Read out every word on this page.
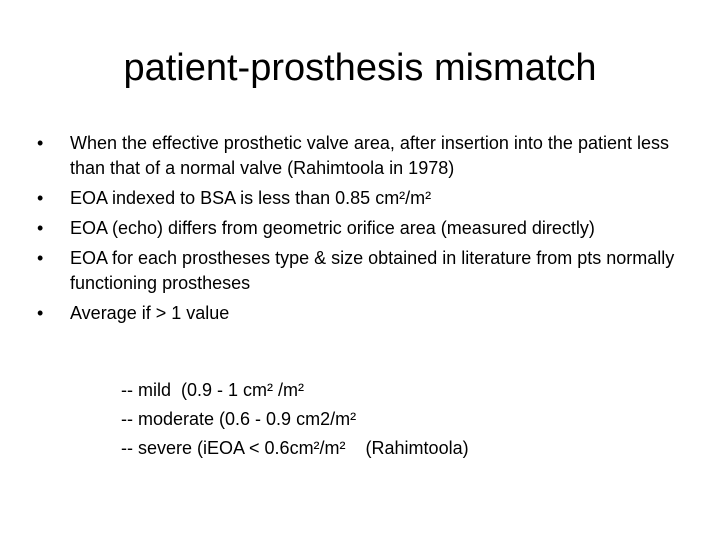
patient-prosthesis mismatch
•	When the effective prosthetic valve area, after insertion into the patient less than that of a normal valve (Rahimtoola in 1978)
•	EOA indexed to BSA is less than 0.85 cm²/m²
•	EOA (echo) differs from geometric orifice area (measured directly)
•	EOA for each prostheses type & size obtained in literature from pts normally functioning prostheses
•	Average if > 1 value
-- mild  (0.9 - 1 cm² /m²
-- moderate (0.6 - 0.9 cm2/m²
-- severe (iEOA < 0.6cm²/m²    (Rahimtoola)
